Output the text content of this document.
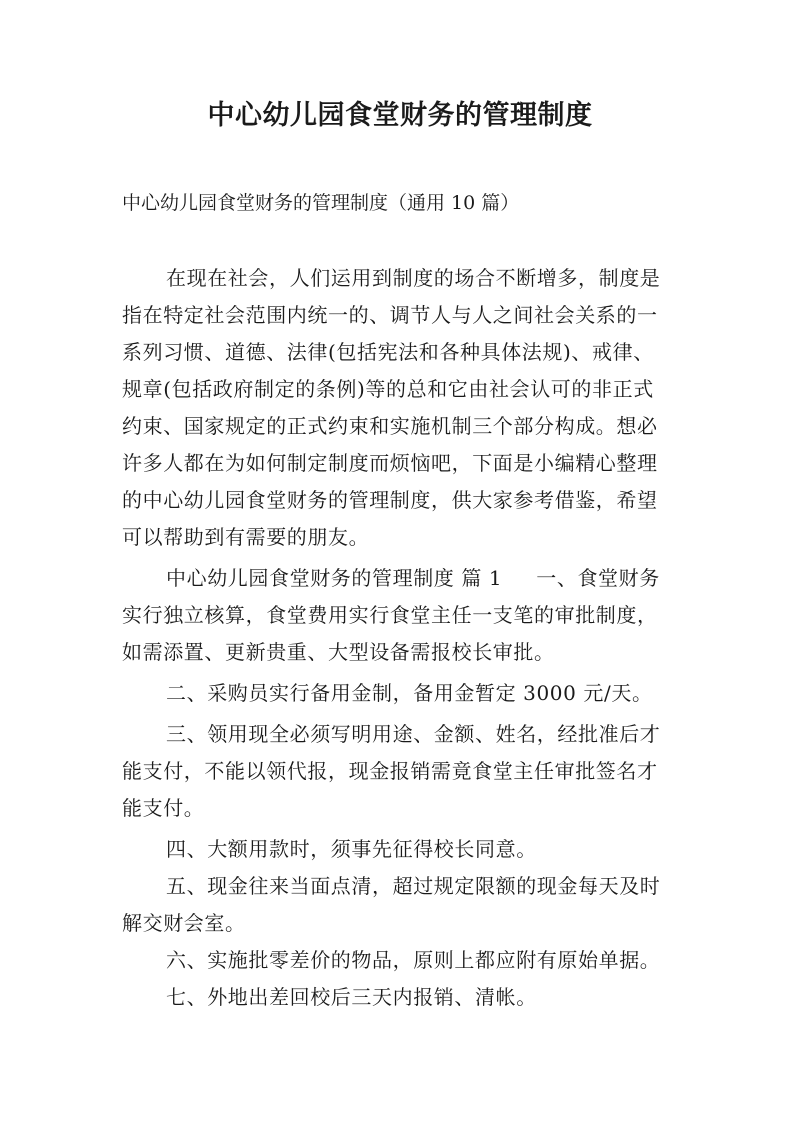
中心幼儿园食堂财务的管理制度
中心幼儿园食堂财务的管理制度（通用 10 篇）
在现在社会，人们运用到制度的场合不断增多，制度是
指在特定社会范围内统一的、调节人与人之间社会关系的一
系列习惯、道德、法律(包括宪法和各种具体法规)、戒律、
规章(包括政府制定的条例)等的总和它由社会认可的非正式
约束、国家规定的正式约束和实施机制三个部分构成。想必
许多人都在为如何制定制度而烦恼吧，下面是小编精心整理
的中心幼儿园食堂财务的管理制度，供大家参考借鉴，希望
可以帮助到有需要的朋友。
中心幼儿园食堂财务的管理制度 篇 1 一、食堂财务
实行独立核算，食堂费用实行食堂主任一支笔的审批制度，
如需添置、更新贵重、大型设备需报校长审批。
二、采购员实行备用金制，备用金暂定 3000 元/天。
三、领用现全必须写明用途、金额、姓名，经批准后才
能支付，不能以领代报，现金报销需竟食堂主任审批签名才
能支付。
四、大额用款时，须事先征得校长同意。
五、现金往来当面点清，超过规定限额的现金每天及时
解交财会室。
六、实施批零差价的物品，原则上都应附有原始单据。
七、外地出差回校后三天内报销、清帐。
